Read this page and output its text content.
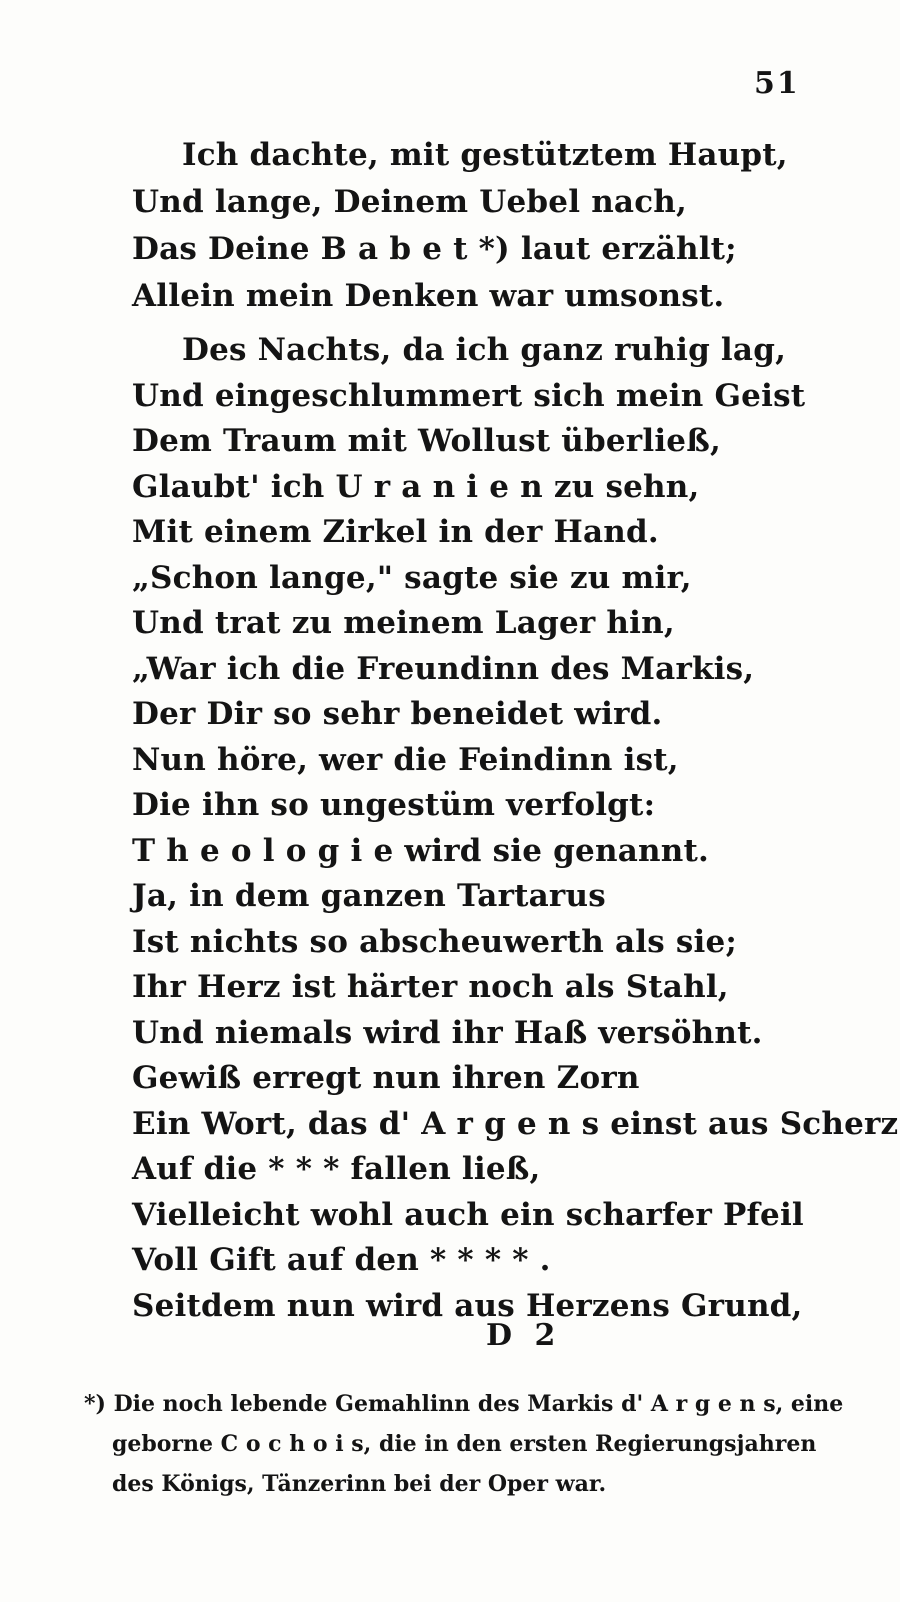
51
Ich dachte, mit gestütztem Haupt,
Und lange, Deinem Uebel nach,
Das Deine B a b e t *) laut erzählt;
Allein mein Denken war umsonst.
Des Nachts, da ich ganz ruhig lag,
Und eingeschlummert sich mein Geist
Dem Traum mit Wollust überließ,
Glaubt' ich U r a n i e n zu sehn,
Mit einem Zirkel in der Hand.
„Schon lange," sagte sie zu mir,
Und trat zu meinem Lager hin,
„War ich die Freundinn des Markis,
Der Dir so sehr beneidet wird.
Nun höre, wer die Feindinn ist,
Die ihn so ungestüm verfolgt:
T h e o l o g i e wird sie genannt.
Ja, in dem ganzen Tartarus
Ist nichts so abscheuwerth als sie;
Ihr Herz ist härter noch als Stahl,
Und niemals wird ihr Haß versöhnt.
Gewiß erregt nun ihren Zorn
Ein Wort, das d' A r g e n s einst aus Scherz
Auf die * * * fallen ließ,
Vielleicht wohl auch ein scharfer Pfeil
Voll Gift auf den * * * * .
Seitdem nun wird aus Herzens Grund,
D 2
*) Die noch lebende Gemahlinn des Markis d' A r g e n s, eine
geborne C o c h o i s, die in den ersten Regierungsjahren
des Königs, Tänzerinn bei der Oper war.
